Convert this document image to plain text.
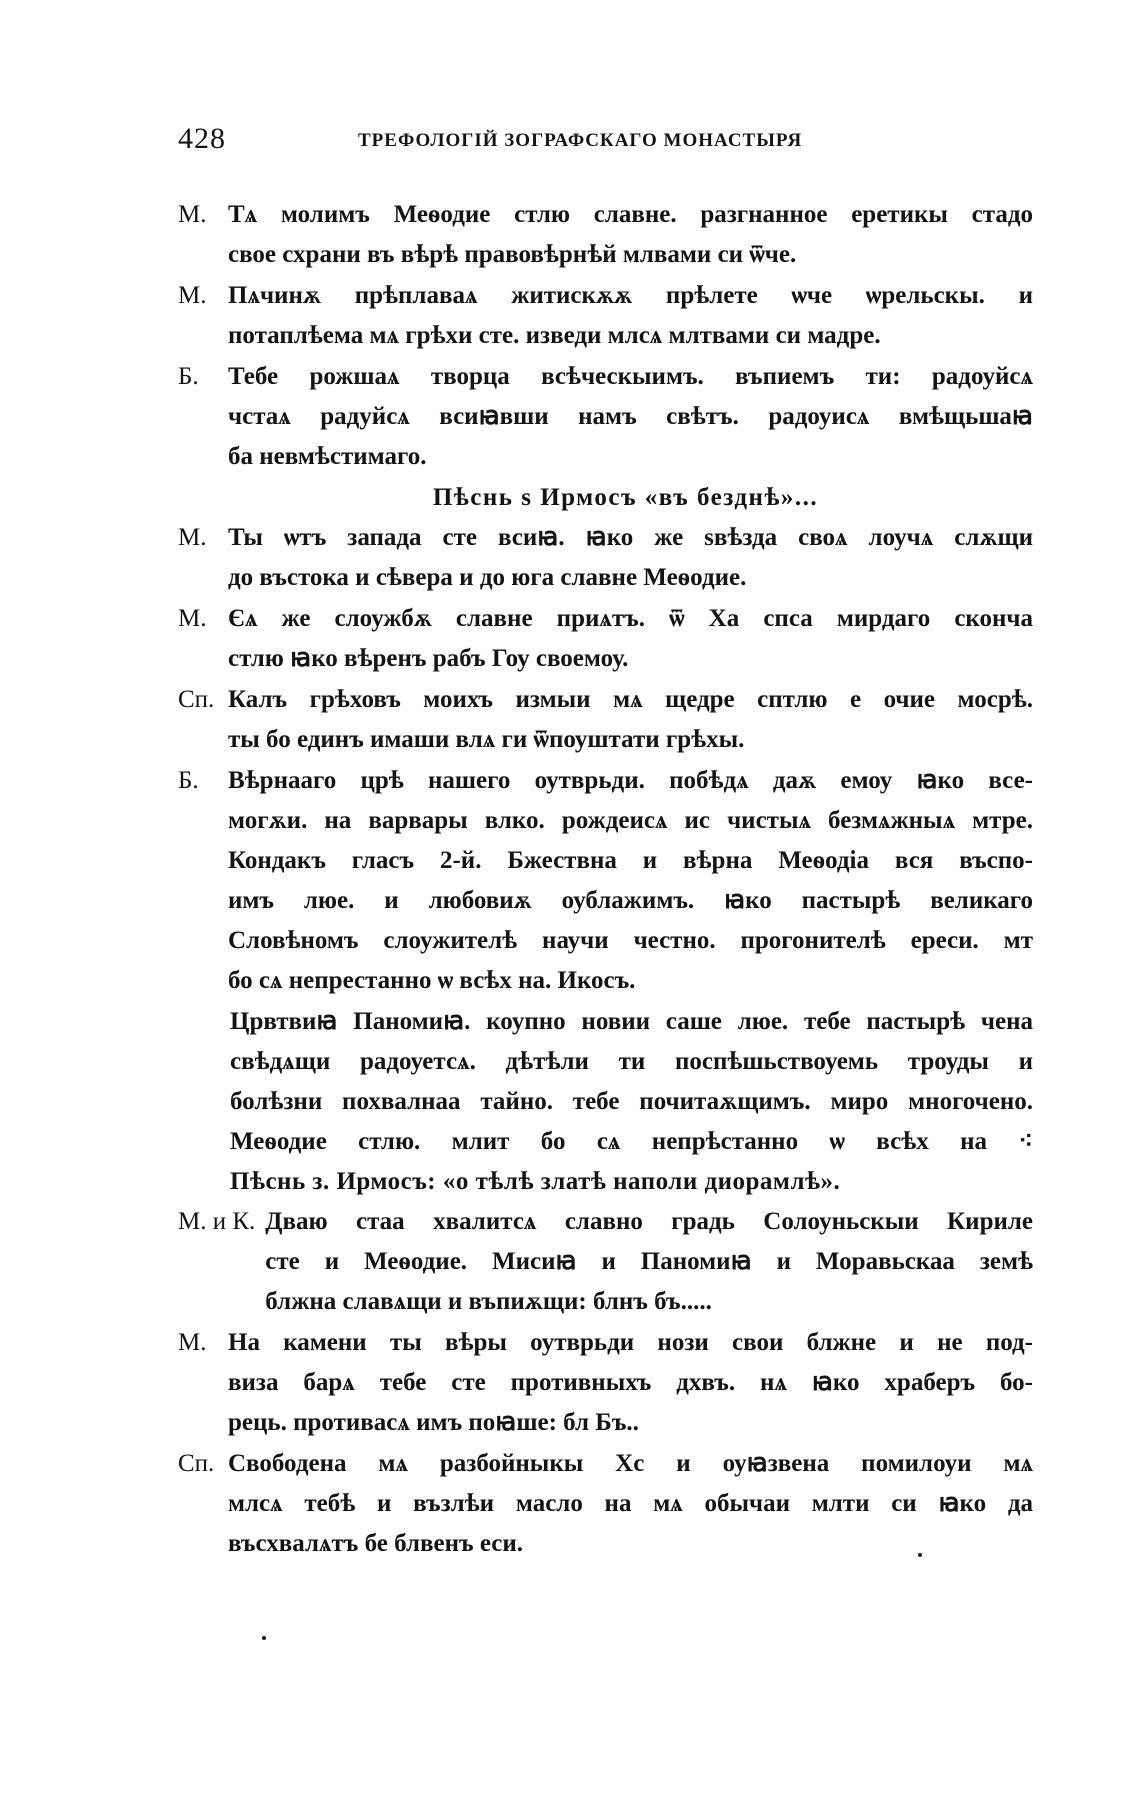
428	ТРЕФОЛОГІЙ ЗОГРАФСКАГО МОНАСТЫРЯ
М. Тѧ молимъ Меѳодие стлю славне. разгнанное еретикы стадо
свое схрани въ вѣрѣ правовѣрнѣй млвами си ѿче.
М. Пѧчинѫ прѣплаваѧ житискѫѫ прѣлете ѡче ѡрельскы. и
потаплѣема мѧ грѣхи сте. изведи млсѧ млтвами си мадре.
Б.	Тебе рожшаѧ творца всѣческыимъ. въпиемъ ти: радоуйсѧ
чстаѧ радуйсѧ всиꙗвши намъ свѣтъ. радоуисѧ вмѣщьшаꙗ
ба невмѣстимаго.
Пѣснь ѕ Ирмосъ «въ безднѣ»...
М. Ты ѡтъ запада сте всиꙗ. ꙗко же ѕвѣзда своѧ лоучѧ слѫщи
до въстока и сѣвера и до юга славне Меѳодие.
М. Єѧ же слоужбѫ славне приѧтъ. ѿ Ха спса мирдаго скончa
стлю ꙗко вѣренъ рабъ Гоу своемоу.
Сп. Калъ грѣховъ моихъ измыи мѧ щедре сптлю е очие мосрѣ.
ты бо единъ имаши влѧ ги ѿпоуштати грѣхы.
Б.	Вѣрнааго црѣ нашего оутврьди. побѣдѧ даѫ емоу ꙗко все-
могѫи. на варвары влко. рождеисѧ ис чистыѧ безмѧжныѧ мтре.
Кондакъ гласъ 2-й. Бжествна и вѣрна Меѳодіа вся въспо-
имъ люе. и любовиѫ оублажимъ. ꙗко пастырѣ великаго
Словѣномъ слоужителѣ научи честно. прогонителѣ ереси. мт
бо сѧ непрестанно ѡ всѣх на. Икосъ.
Црвтвиꙗ Паномиꙗ. коупно новии саше люе. тебе пастырѣ чена
свѣдѧщи радоуетсѧ. дѣтѣли ти поспѣшьствоуемь троуды и
болѣзни похвалнаа тайно. тебе почитаѫщимъ. миро многочено.
Меѳодие стлю. млит бо сѧ непрѣстанно ѡ всѣх на ⁖
Пѣснь з. Ирмосъ: «о тѣлѣ златѣ наполи диорамлѣ».
М. и К. Двaю стаа хвалитсѧ славно градь Солоуньскыи Кириле
сте и Меѳодие. Мисиꙗ и Паномиꙗ и Моравьскаа земѣ
блжна славѧщи и въпиѫщи: блнъ бъ.....
М. На камени ты вѣры оутврьди нози свои блжне и не под-
виза барѧ тебе сте противныхъ дхвъ. нѧ ꙗко храберъ бо-
рець. противасѧ имъ поꙗше: бл Бъ..
Сп. Свободена мѧ разбойныкы Хс и оуꙗзвена помилоуи мѧ
млсѧ тебѣ и възлѣи масло на мѧ обычаи млти си ꙗко да
въсхвалѧтъ бе блвенъ еси.
